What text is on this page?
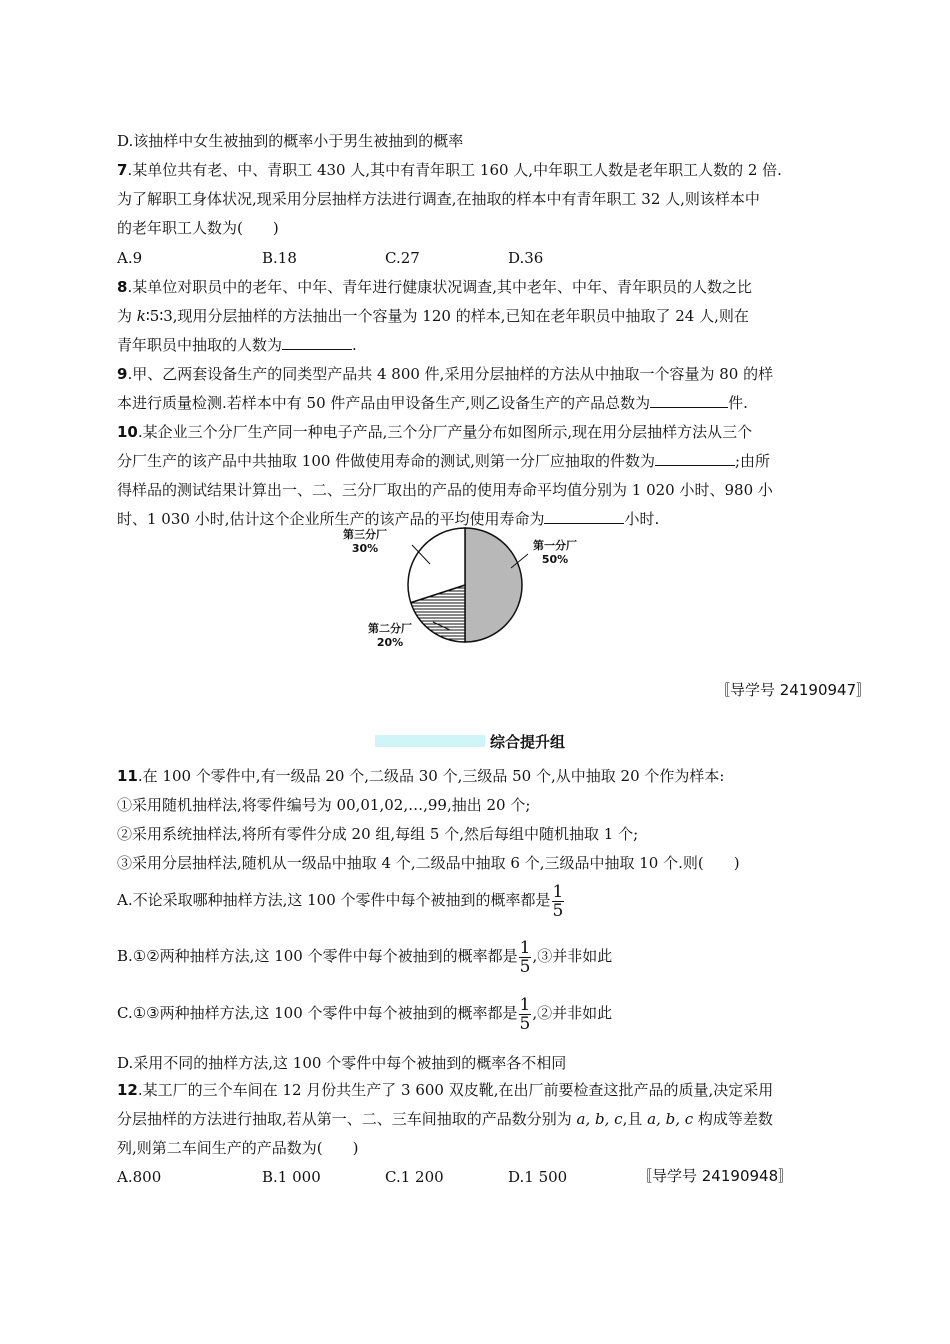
D.该抽样中女生被抽到的概率小于男生被抽到的概率
7.某单位共有老、中、青职工 430 人,其中有青年职工 160 人,中年职工人数是老年职工人数的 2 倍.
为了解职工身体状况,现采用分层抽样方法进行调查,在抽取的样本中有青年职工 32 人,则该样本中
的老年职工人数为(　　)
A.9	B.18	C.27	D.36
8.某单位对职员中的老年、中年、青年进行健康状况调查,其中老年、中年、青年职员的人数之比
为 k∶5∶3,现用分层抽样的方法抽出一个容量为 120 的样本,已知在老年职员中抽取了 24 人,则在
青年职员中抽取的人数为	.
9.甲、乙两套设备生产的同类型产品共 4 800 件,采用分层抽样的方法从中抽取一个容量为 80 的样
本进行质量检测.若样本中有 50 件产品由甲设备生产,则乙设备生产的产品总数为	件.
10.某企业三个分厂生产同一种电子产品,三个分厂产量分布如图所示,现在用分层抽样方法从三个
分厂生产的该产品中共抽取 100 件做使用寿命的测试,则第一分厂应抽取的件数为	;由所
得样品的测试结果计算出一、二、三分厂取出的产品的使用寿命平均值分别为 1 020 小时、980 小
时、1 030 小时,估计这个企业所生产的该产品的平均使用寿命为	小时.
第三分厂
30%	第一分厂
50%
第二分厂
20%
〚导学号 24190947〛
综合提升组
11.在 100 个零件中,有一级品 20 个,二级品 30 个,三级品 50 个,从中抽取 20 个作为样本:
①采用随机抽样法,将零件编号为 00,01,02,…,99,抽出 20 个;
②采用系统抽样法,将所有零件分成 20 组,每组 5 个,然后每组中随机抽取 1 个;
③采用分层抽样法,随机从一级品中抽取 4 个,二级品中抽取 6 个,三级品中抽取 10 个.则(　　)
A.不论采取哪种抽样方法,这 100 个零件中每个被抽到的概率都是 $\frac{1}{5}$
B.①②两种抽样方法,这 100 个零件中每个被抽到的概率都是 $\frac{1}{5}$ ,③并非如此
C.①③两种抽样方法,这 100 个零件中每个被抽到的概率都是 $\frac{1}{5}$ ,②并非如此
D.采用不同的抽样方法,这 100 个零件中每个被抽到的概率各不相同
12.某工厂的三个车间在 12 月份共生产了 3 600 双皮靴,在出厂前要检查这批产品的质量,决定采用
分层抽样的方法进行抽取,若从第一、二、三车间抽取的产品数分别为 a, b, c,且 a, b, c 构成等差数
列,则第二车间生产的产品数为(　　)
A.800	B.1 000	C.1 200	D.1 500	〚导学号 24190948〛
